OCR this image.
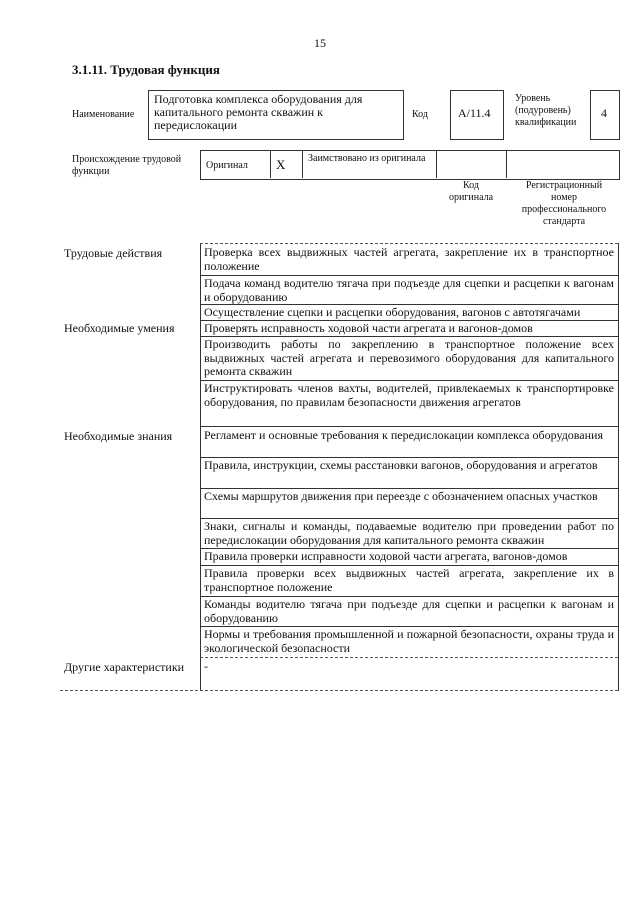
15
3.1.11. Трудовая функция
Наименование
Подготовка комплекса оборудования для капитального ремонта скважин к передислокации
Код	А/11.4
Уровень (подуровень) квалификации
4
Происхождение трудовой функции
Оригинал X Заимствовано из оригинала
Код оригинала
Регистрационный номер профессионального стандарта
Трудовые действия
Необходимые умения
Необходимые знания
Другие характеристики
Проверка всех выдвижных частей агрегата, закрепление их в транспортное положение
Подача команд водителю тягача при подъезде для сцепки и расцепки к вагонам и оборудованию
Осуществление сцепки и расцепки оборудования, вагонов с автотягачами
Проверять исправность ходовой части агрегата и вагонов-домов
Производить работы по закреплению в транспортное положение всех выдвижных частей агрегата и перевозимого оборудования для капитального ремонта скважин
Инструктировать членов вахты, водителей, привлекаемых к транспортировке оборудования, по правилам безопасности движения агрегатов
Регламент и основные требования к передислокации комплекса оборудования
Правила, инструкции, схемы расстановки вагонов, оборудования и агрегатов
Схемы маршрутов движения при переезде с обозначением опасных участков
Знаки, сигналы и команды, подаваемые водителю при проведении работ по передислокации оборудования для капитального ремонта скважин
Правила проверки исправности ходовой части агрегата, вагонов-домов
Правила проверки всех выдвижных частей агрегата, закрепление их в транспортное положение
Команды водителю тягача при подъезде для сцепки и расцепки к вагонам и оборудованию
Нормы и требования промышленной и пожарной безопасности, охраны труда и экологической безопасности
-
